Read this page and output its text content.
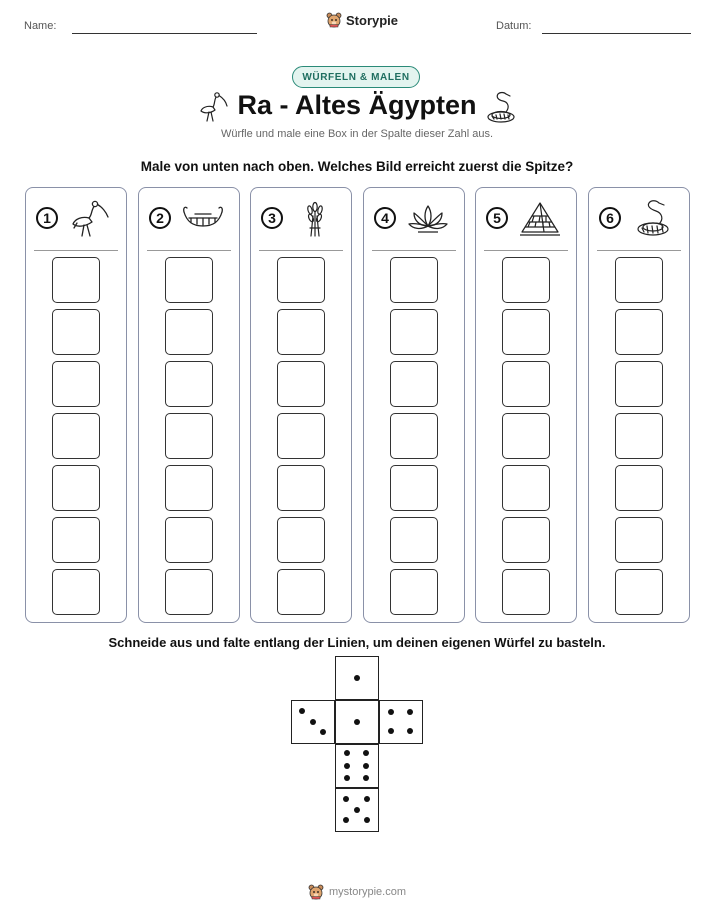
Name:	Storypie	Datum:
WÜRFELN & MALEN
Ra - Altes Ägypten
Würfle und male eine Box in der Spalte dieser Zahl aus.
Male von unten nach oben. Welches Bild erreicht zuerst die Spitze?
1	2	3	4	5	6
Schneide aus und falte entlang der Linien, um deinen eigenen Würfel zu basteln.
mystorypie.com
